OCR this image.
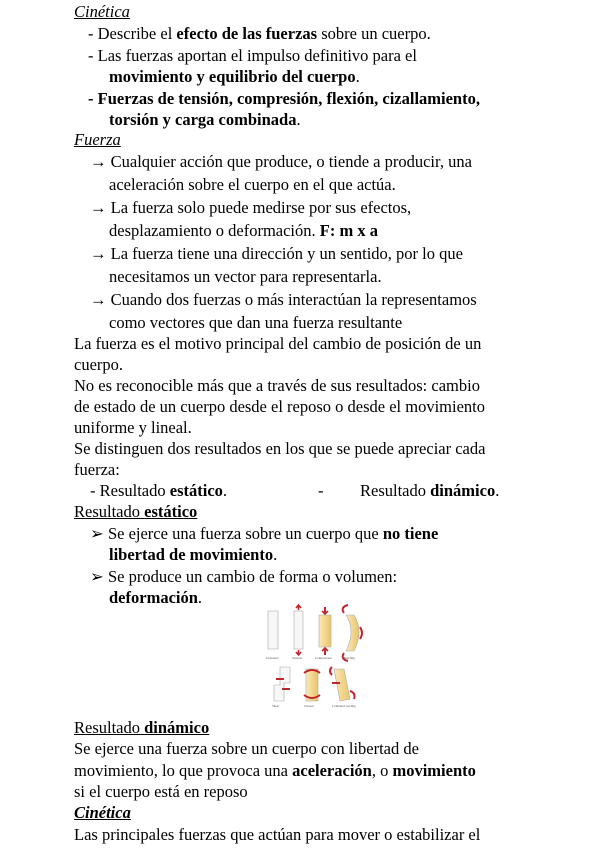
Cinética
- Describe el efecto de las fuerzas sobre un cuerpo.
- Las fuerzas aportan el impulso definitivo para el
movimiento y equilibrio del cuerpo.
- Fuerzas de tensión, compresión, flexión, cizallamiento,
torsión y carga combinada.
Fuerza
→ Cualquier acción que produce, o tiende a producir, una
aceleración sobre el cuerpo en el que actúa.
→ La fuerza solo puede medirse por sus efectos,
desplazamiento o deformación. F: m x a
→ La fuerza tiene una dirección y un sentido, por lo que
necesitamos un vector para representarla.
→ Cuando dos fuerzas o más interactúan la representamos
como vectores que dan una fuerza resultante
La fuerza es el motivo principal del cambio de posición de un
cuerpo.
No es reconocible más que a través de sus resultados: cambio
de estado de un cuerpo desde el reposo o desde el movimiento
uniforme y lineal.
Se distinguen dos resultados en los que se puede apreciar cada
fuerza:
- Resultado estático.	- Resultado dinámico.
Resultado estático
➢ Se ejerce una fuerza sobre un cuerpo que no tiene
libertad de movimiento.
➢ Se produce un cambio de forma o volumen:
deformación.
Unloaded	Tension	Compression	Bending
Shear	Torsion	Combined loading
Resultado dinámico
Se ejerce una fuerza sobre un cuerpo con libertad de
movimiento, lo que provoca una aceleración, o movimiento
si el cuerpo está en reposo
Cinética
Las principales fuerzas que actúan para mover o estabilizar el
